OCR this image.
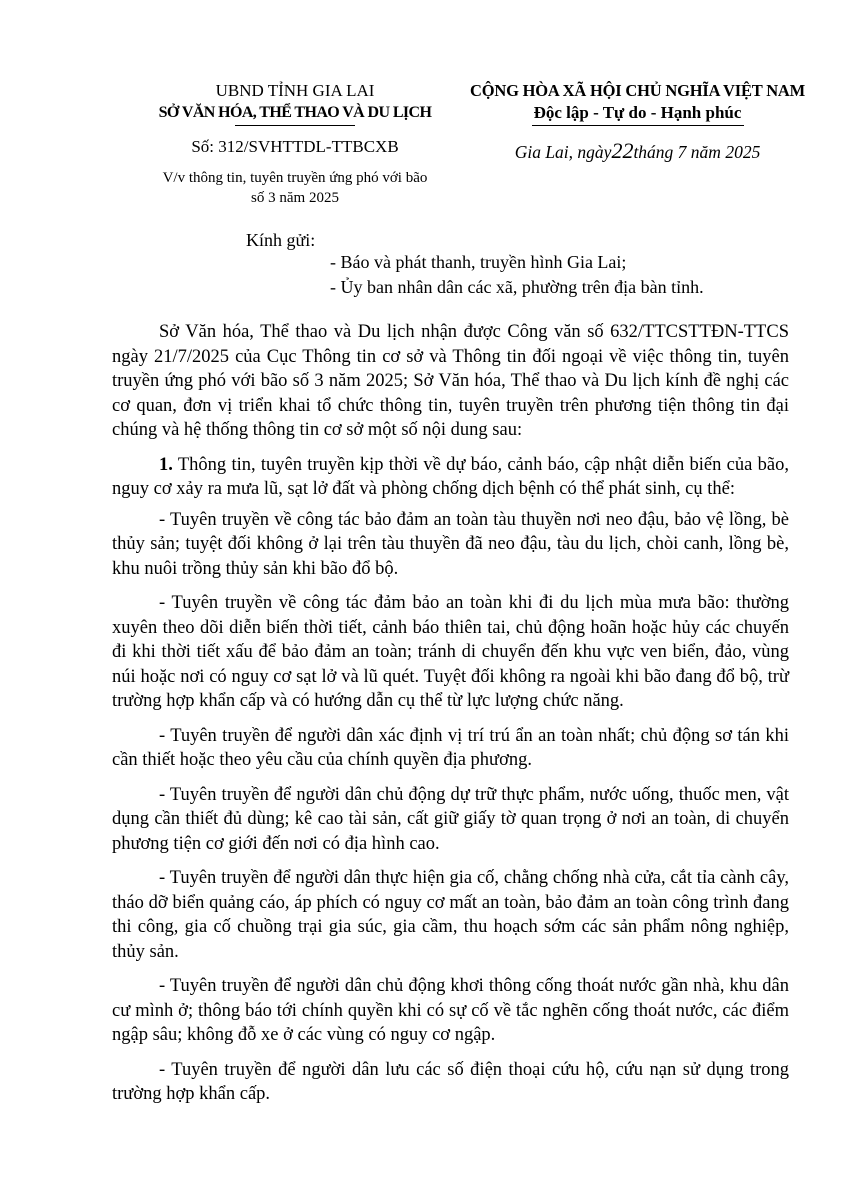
UBND TỈNH GIA LAI
SỞ VĂN HÓA, THỂ THAO VÀ DU LỊCH
Số: 312/SVHTTDL-TTBCXB
V/v thông tin, tuyên truyền ứng phó với bão
số 3 năm 2025
CỘNG HÒA XÃ HỘI CHỦ NGHĨA VIỆT NAM
Độc lập - Tự do - Hạnh phúc
Gia Lai, ngày22tháng 7 năm 2025
Kính gửi:
- Báo và phát thanh, truyền hình Gia Lai;
- Ủy ban nhân dân các xã, phường trên địa bàn tỉnh.

Sở Văn hóa, Thể thao và Du lịch nhận được Công văn số 632/TTCSTTĐN-TTCS ngày 21/7/2025 của Cục Thông tin cơ sở và Thông tin đối ngoại về việc thông tin, tuyên truyền ứng phó với bão số 3 năm 2025; Sở Văn hóa, Thể thao và Du lịch kính đề nghị các cơ quan, đơn vị triển khai tổ chức thông tin, tuyên truyền trên phương tiện thông tin đại chúng và hệ thống thông tin cơ sở một số nội dung sau:

1. Thông tin, tuyên truyền kịp thời về dự báo, cảnh báo, cập nhật diễn biến của bão, nguy cơ xảy ra mưa lũ, sạt lở đất và phòng chống dịch bệnh có thể phát sinh, cụ thể:

- Tuyên truyền về công tác bảo đảm an toàn tàu thuyền nơi neo đậu, bảo vệ lồng, bè thủy sản; tuyệt đối không ở lại trên tàu thuyền đã neo đậu, tàu du lịch, chòi canh, lồng bè, khu nuôi trồng thủy sản khi bão đổ bộ.

- Tuyên truyền về công tác đảm bảo an toàn khi đi du lịch mùa mưa bão: thường xuyên theo dõi diễn biến thời tiết, cảnh báo thiên tai, chủ động hoãn hoặc hủy các chuyến đi khi thời tiết xấu để bảo đảm an toàn; tránh di chuyển đến khu vực ven biển, đảo, vùng núi hoặc nơi có nguy cơ sạt lở và lũ quét. Tuyệt đối không ra ngoài khi bão đang đổ bộ, trừ trường hợp khẩn cấp và có hướng dẫn cụ thể từ lực lượng chức năng.

- Tuyên truyền để người dân xác định vị trí trú ẩn an toàn nhất; chủ động sơ tán khi cần thiết hoặc theo yêu cầu của chính quyền địa phương.

- Tuyên truyền để người dân chủ động dự trữ thực phẩm, nước uống, thuốc men, vật dụng cần thiết đủ dùng; kê cao tài sản, cất giữ giấy tờ quan trọng ở nơi an toàn, di chuyển phương tiện cơ giới đến nơi có địa hình cao.

- Tuyên truyền để người dân thực hiện gia cố, chằng chống nhà cửa, cắt tỉa cành cây, tháo dỡ biển quảng cáo, áp phích có nguy cơ mất an toàn, bảo đảm an toàn công trình đang thi công, gia cố chuồng trại gia súc, gia cầm, thu hoạch sớm các sản phẩm nông nghiệp, thủy sản.

- Tuyên truyền để người dân chủ động khơi thông cống thoát nước gần nhà, khu dân cư mình ở; thông báo tới chính quyền khi có sự cố về tắc nghẽn cống thoát nước, các điểm ngập sâu; không đỗ xe ở các vùng có nguy cơ ngập.

- Tuyên truyền để người dân lưu các số điện thoại cứu hộ, cứu nạn sử dụng trong trường hợp khẩn cấp.
